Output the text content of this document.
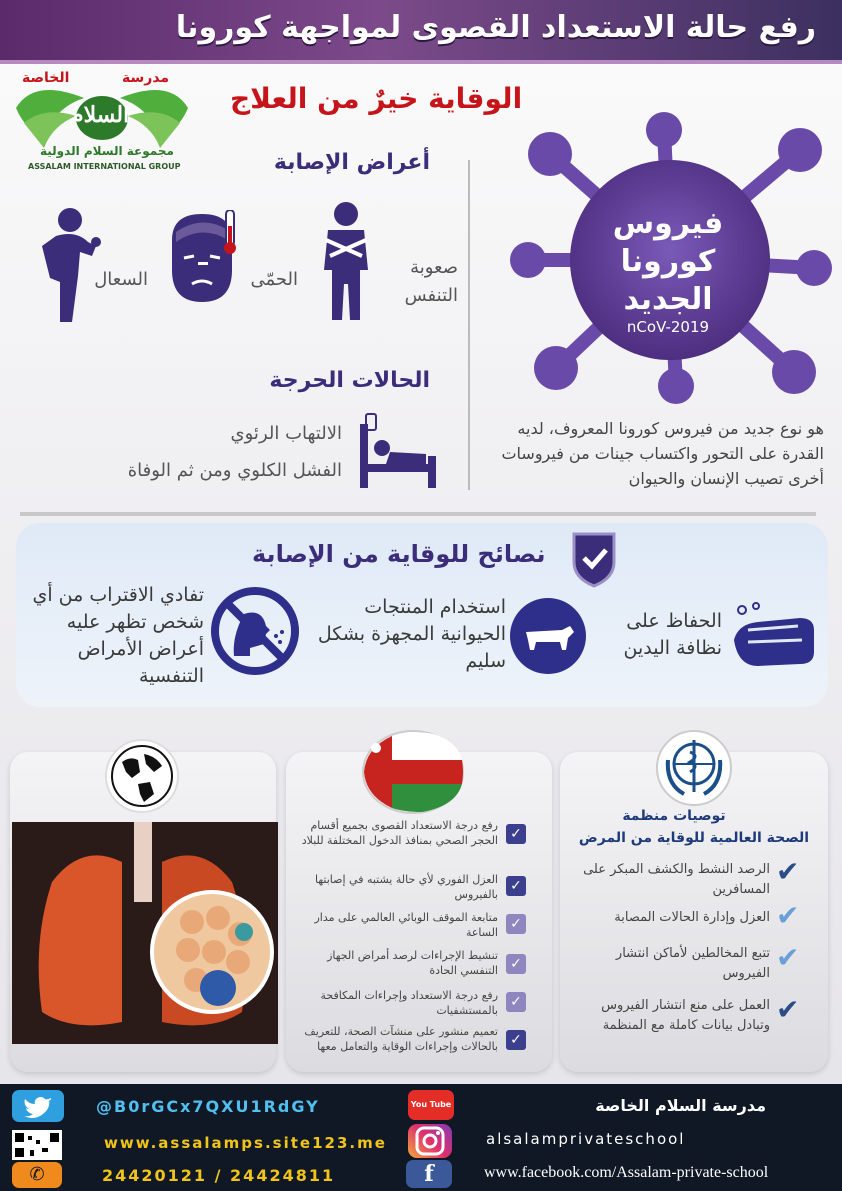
رفع حالة الاستعداد القصوى لمواجهة كورونا
مدرسة
الخاصة
السلام
مجموعة السلام الدولية
ASSALAM INTERNATIONAL GROUP
الوقاية خيرٌ من العلاج
أعراض الإصابة
السعال	الحمّى
صعوبة التنفس
الحالات الحرجة
الالتهاب الرئوي
الفشل الكلوي ومن ثم الوفاة
فيروس كورونا الجديد
nCoV-2019
هو نوع جديد من فيروس كورونا المعروف، لديه القدرة على التحور واكتساب جينات من فيروسات أخرى تصيب الإنسان والحيوان
نصائح للوقاية من الإصابة
الحفاظ على نظافة اليدين
استخدام المنتجات الحيوانية المجهزة بشكل سليم
تفادي الاقتراب من أي شخص تظهر عليه أعراض الأمراض التنفسية
✓
رفع درجة الاستعداد القصوى بجميع أقسام الحجر الصحي بمنافذ الدخول المختلفة للبلاد
✓
العزل الفوري لأي حالة يشتبه في إصابتها بالفيروس
✓
متابعة الموقف الوبائي العالمي على مدار الساعة
✓
تنشيط الإجراءات لرصد أمراض الجهاز التنفسي الحادة
✓
رفع درجة الاستعداد وإجراءات المكافحة بالمستشفيات
✓
تعميم منشور على منشآت الصحة، للتعريف بالحالات وإجراءات الوقاية والتعامل معها
توصيات منظمة
الصحة العالمية للوقاية من المرض
✔
الرصد النشط والكشف المبكر على المسافرين
✔
العزل وإدارة الحالات المصابة
✔
تتبع المخالطين لأماكن انتشار الفيروس
✔
العمل على منع انتشار الفيروس وتبادل بيانات كاملة مع المنظمة
@B0rGCx7QXU1RdGY
www.assalamps.site123.me
✆	24420121 / 24424811
You Tube	مدرسة السلام الخاصة
alsalamprivateschool
f	www.facebook.com/Assalam-private-school
